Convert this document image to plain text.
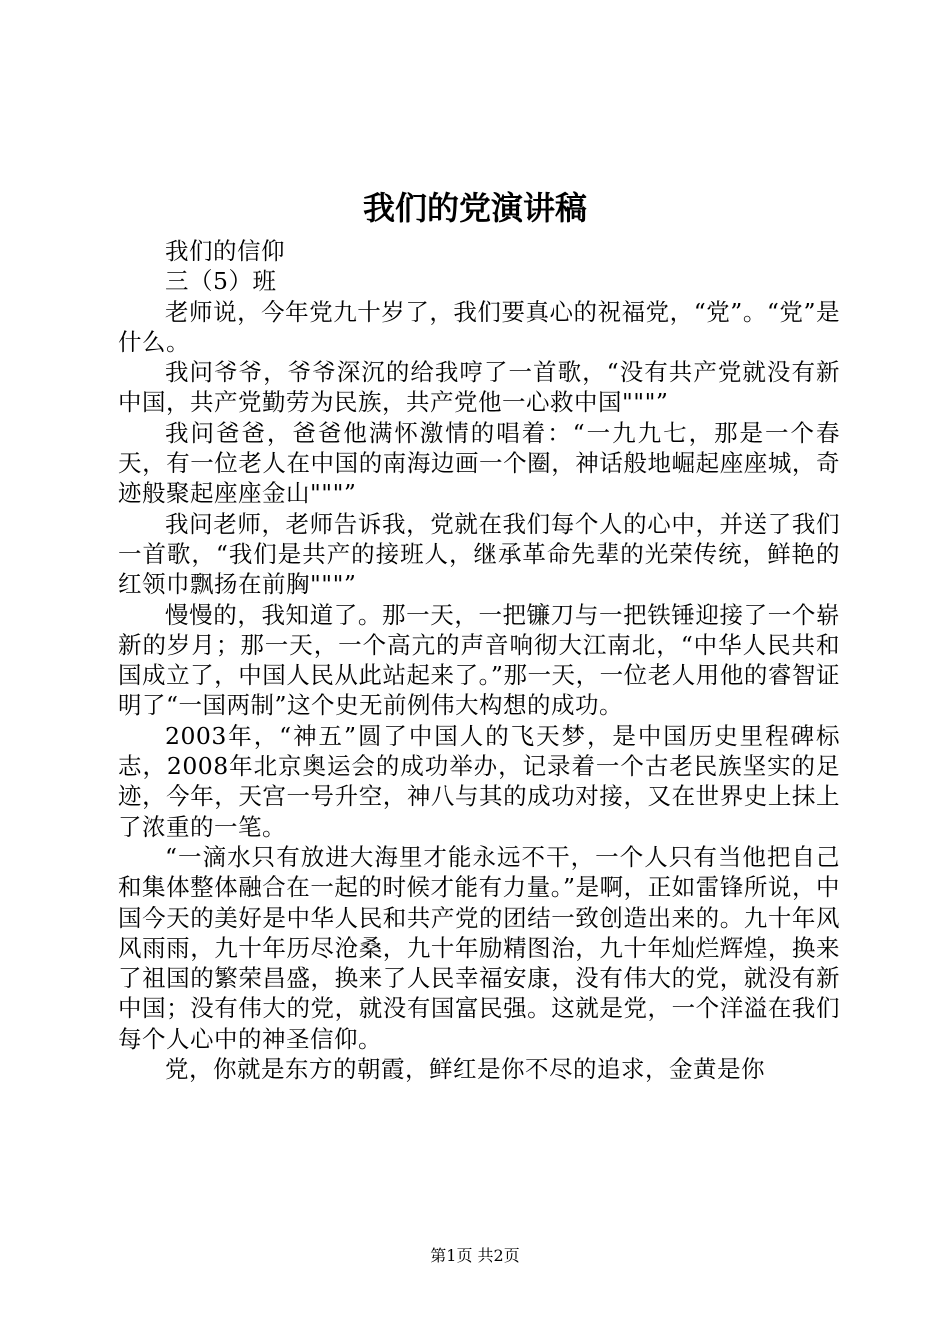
我们的党演讲稿

我们的信仰

三（5）班

老师说，今年党九十岁了，我们要真心的祝福党，“党”。“党”是什么。

我问爷爷，爷爷深沉的给我哼了一首歌，“没有共产党就没有新中国，共产党勤劳为民族，共产党他一心救中国"""”

我问爸爸，爸爸他满怀激情的唱着：“一九九七，那是一个春天，有一位老人在中国的南海边画一个圈，神话般地崛起座座城，奇迹般聚起座座金山"""”

我问老师，老师告诉我，党就在我们每个人的心中，并送了我们一首歌，“我们是共产的接班人，继承革命先辈的光荣传统，鲜艳的红领巾飘扬在前胸"""”

慢慢的，我知道了。那一天，一把镰刀与一把铁锤迎接了一个崭新的岁月；那一天，一个高亢的声音响彻大江南北，“中华人民共和国成立了，中国人民从此站起来了。”那一天，一位老人用他的睿智证明了“一国两制”这个史无前例伟大构想的成功。

2003年，“神五”圆了中国人的飞天梦，是中国历史里程碑标志，2008年北京奥运会的成功举办，记录着一个古老民族坚实的足迹，今年，天宫一号升空，神八与其的成功对接，又在世界史上抹上了浓重的一笔。

“一滴水只有放进大海里才能永远不干，一个人只有当他把自己和集体整体融合在一起的时候才能有力量。”是啊，正如雷锋所说，中国今天的美好是中华人民和共产党的团结一致创造出来的。九十年风风雨雨，九十年历尽沧桑，九十年励精图治，九十年灿烂辉煌，换来了祖国的繁荣昌盛，换来了人民幸福安康，没有伟大的党，就没有新中国；没有伟大的党，就没有国富民强。这就是党，一个洋溢在我们每个人心中的神圣信仰。

党，你就是东方的朝霞，鲜红是你不尽的追求，金黄是你

第1页 共2页
